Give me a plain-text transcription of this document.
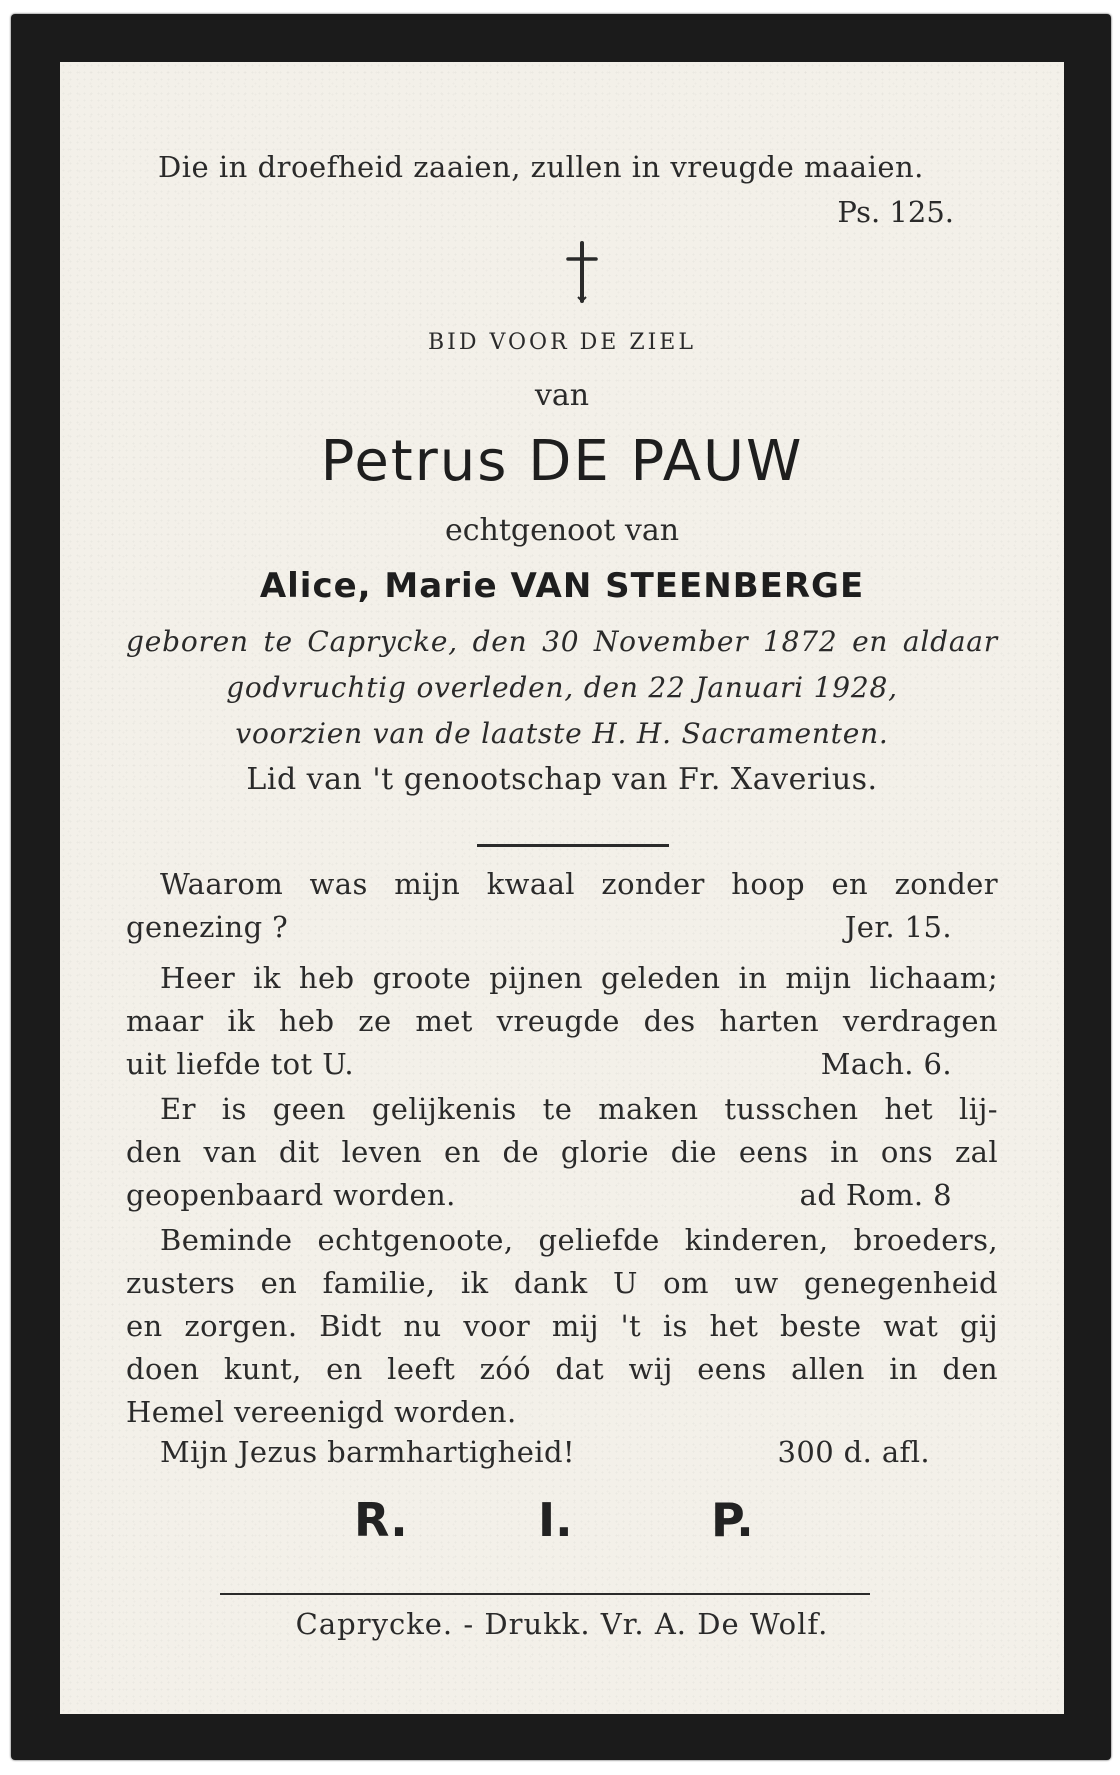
Die in droefheid zaaien, zullen in vreugde maaien.
Ps. 125.
BID VOOR DE ZIEL
van
Petrus DE PAUW
echtgenoot van
Alice, Marie VAN STEENBERGE
geboren te Caprycke, den 30 November 1872 en aldaar
godvruchtig overleden, den 22 Januari 1928,
voorzien van de laatste H. H. Sacramenten.
Lid van 't genootschap van Fr. Xaverius.
Waarom was mijn kwaal zonder hoop en zonder
genezing ?	Jer. 15.
Heer ik heb groote pijnen geleden in mijn lichaam;
maar ik heb ze met vreugde des harten verdragen
uit liefde tot U.	Mach. 6.
Er is geen gelijkenis te maken tusschen het lij-
den van dit leven en de glorie die eens in ons zal
geopenbaard worden.	ad Rom. 8
Beminde echtgenoote, geliefde kinderen, broeders,
zusters en familie, ik dank U om uw genegenheid
en zorgen. Bidt nu voor mij 't is het beste wat gij
doen kunt, en leeft zóó dat wij eens allen in den
Hemel vereenigd worden.
Mijn Jezus barmhartigheid!	300 d. afl.
R.	I.	P.
Caprycke. - Drukk. Vr. A. De Wolf.
